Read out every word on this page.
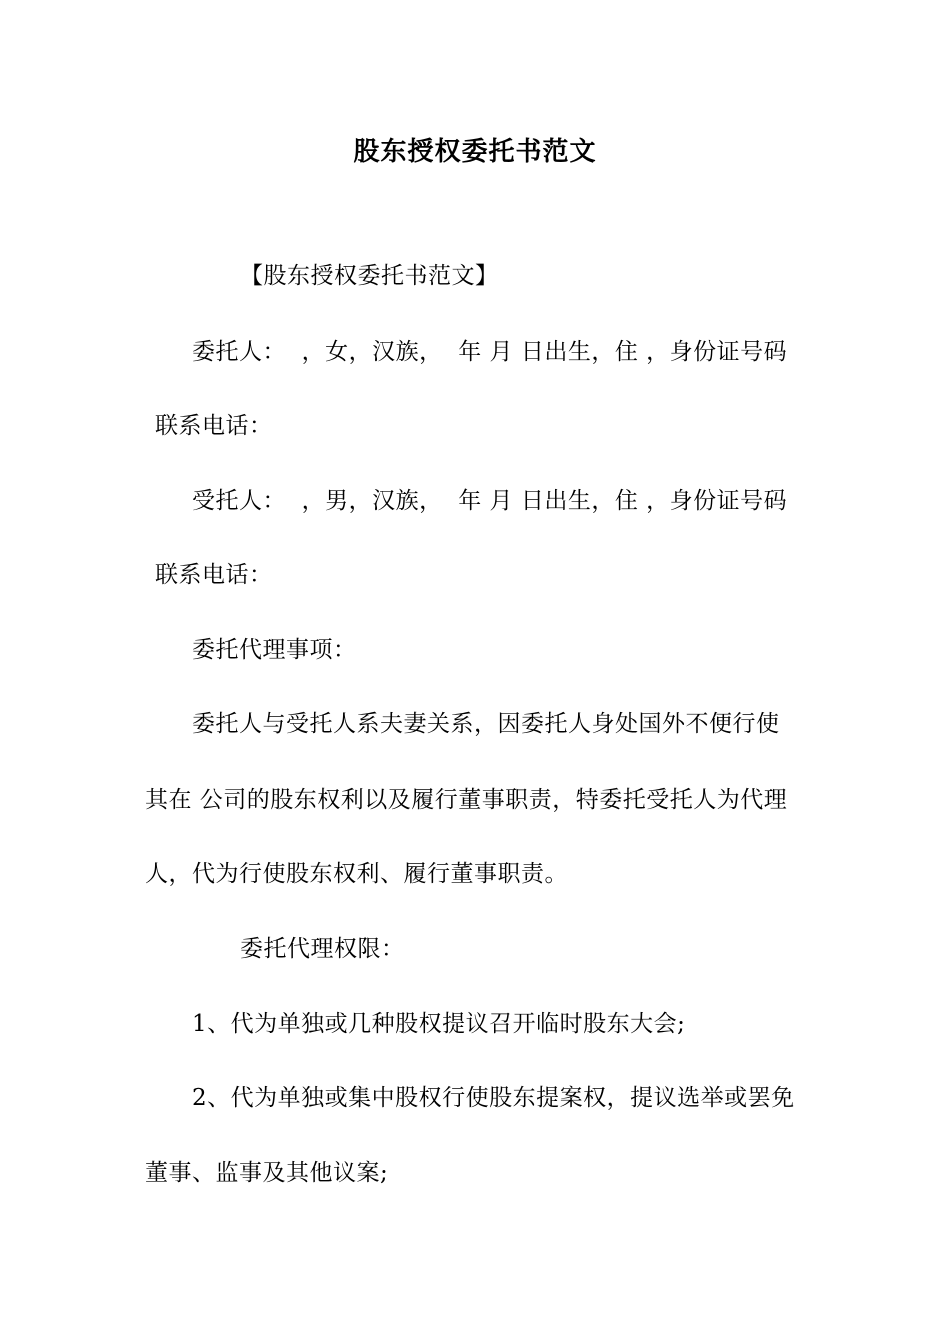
股东授权委托书范文
【股东授权委托书范文】
委托人：  ，女，汉族，  年 月 日出生，住 ，身份证号码
联系电话：
受托人：  ，男，汉族，  年 月 日出生，住 ，身份证号码
联系电话：
委托代理事项：
委托人与受托人系夫妻关系，因委托人身处国外不便行使
其在 公司的股东权利以及履行董事职责，特委托受托人为代理
人，代为行使股东权利、履行董事职责。
委托代理权限：
1、代为单独或几种股权提议召开临时股东大会;
2、代为单独或集中股权行使股东提案权，提议选举或罢免
董事、监事及其他议案;
